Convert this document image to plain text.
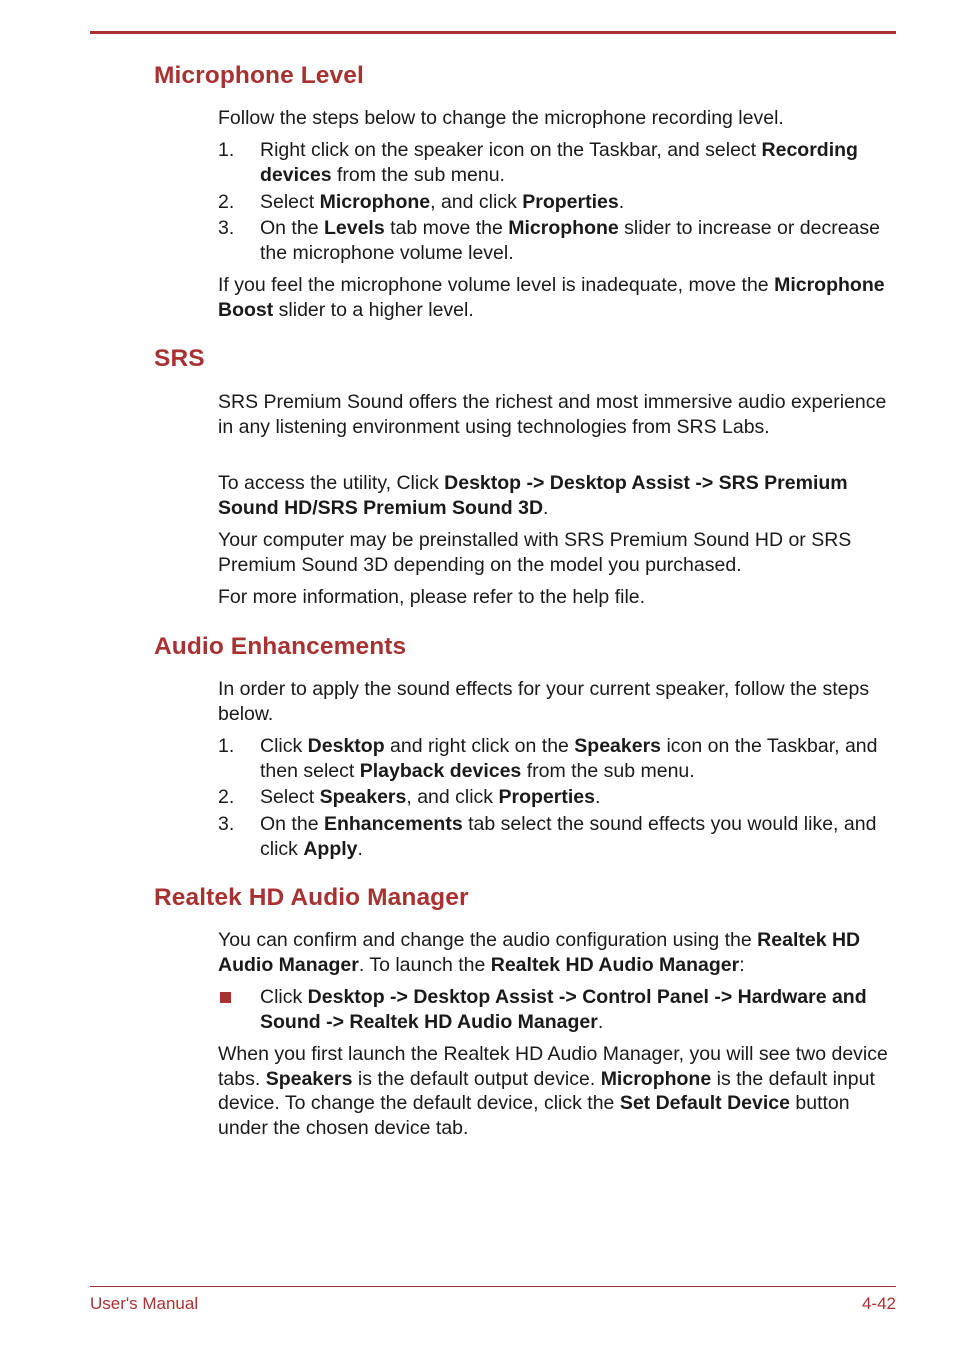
Microphone Level

Follow the steps below to change the microphone recording level.

1. Right click on the speaker icon on the Taskbar, and select Recording devices from the sub menu.
2. Select Microphone, and click Properties.
3. On the Levels tab move the Microphone slider to increase or decrease the microphone volume level.

If you feel the microphone volume level is inadequate, move the Microphone Boost slider to a higher level.

SRS

SRS Premium Sound offers the richest and most immersive audio experience in any listening environment using technologies from SRS Labs.

To access the utility, Click Desktop -> Desktop Assist -> SRS Premium Sound HD/SRS Premium Sound 3D.

Your computer may be preinstalled with SRS Premium Sound HD or SRS Premium Sound 3D depending on the model you purchased.

For more information, please refer to the help file.

Audio Enhancements

In order to apply the sound effects for your current speaker, follow the steps below.

1. Click Desktop and right click on the Speakers icon on the Taskbar, and then select Playback devices from the sub menu.
2. Select Speakers, and click Properties.
3. On the Enhancements tab select the sound effects you would like, and click Apply.
Realtek HD Audio Manager

You can confirm and change the audio configuration using the Realtek HD Audio Manager. To launch the Realtek HD Audio Manager:

Click Desktop -> Desktop Assist -> Control Panel -> Hardware and Sound -> Realtek HD Audio Manager.

When you first launch the Realtek HD Audio Manager, you will see two device tabs. Speakers is the default output device. Microphone is the default input device. To change the default device, click the Set Default Device button under the chosen device tab.

User's Manual	4-42
